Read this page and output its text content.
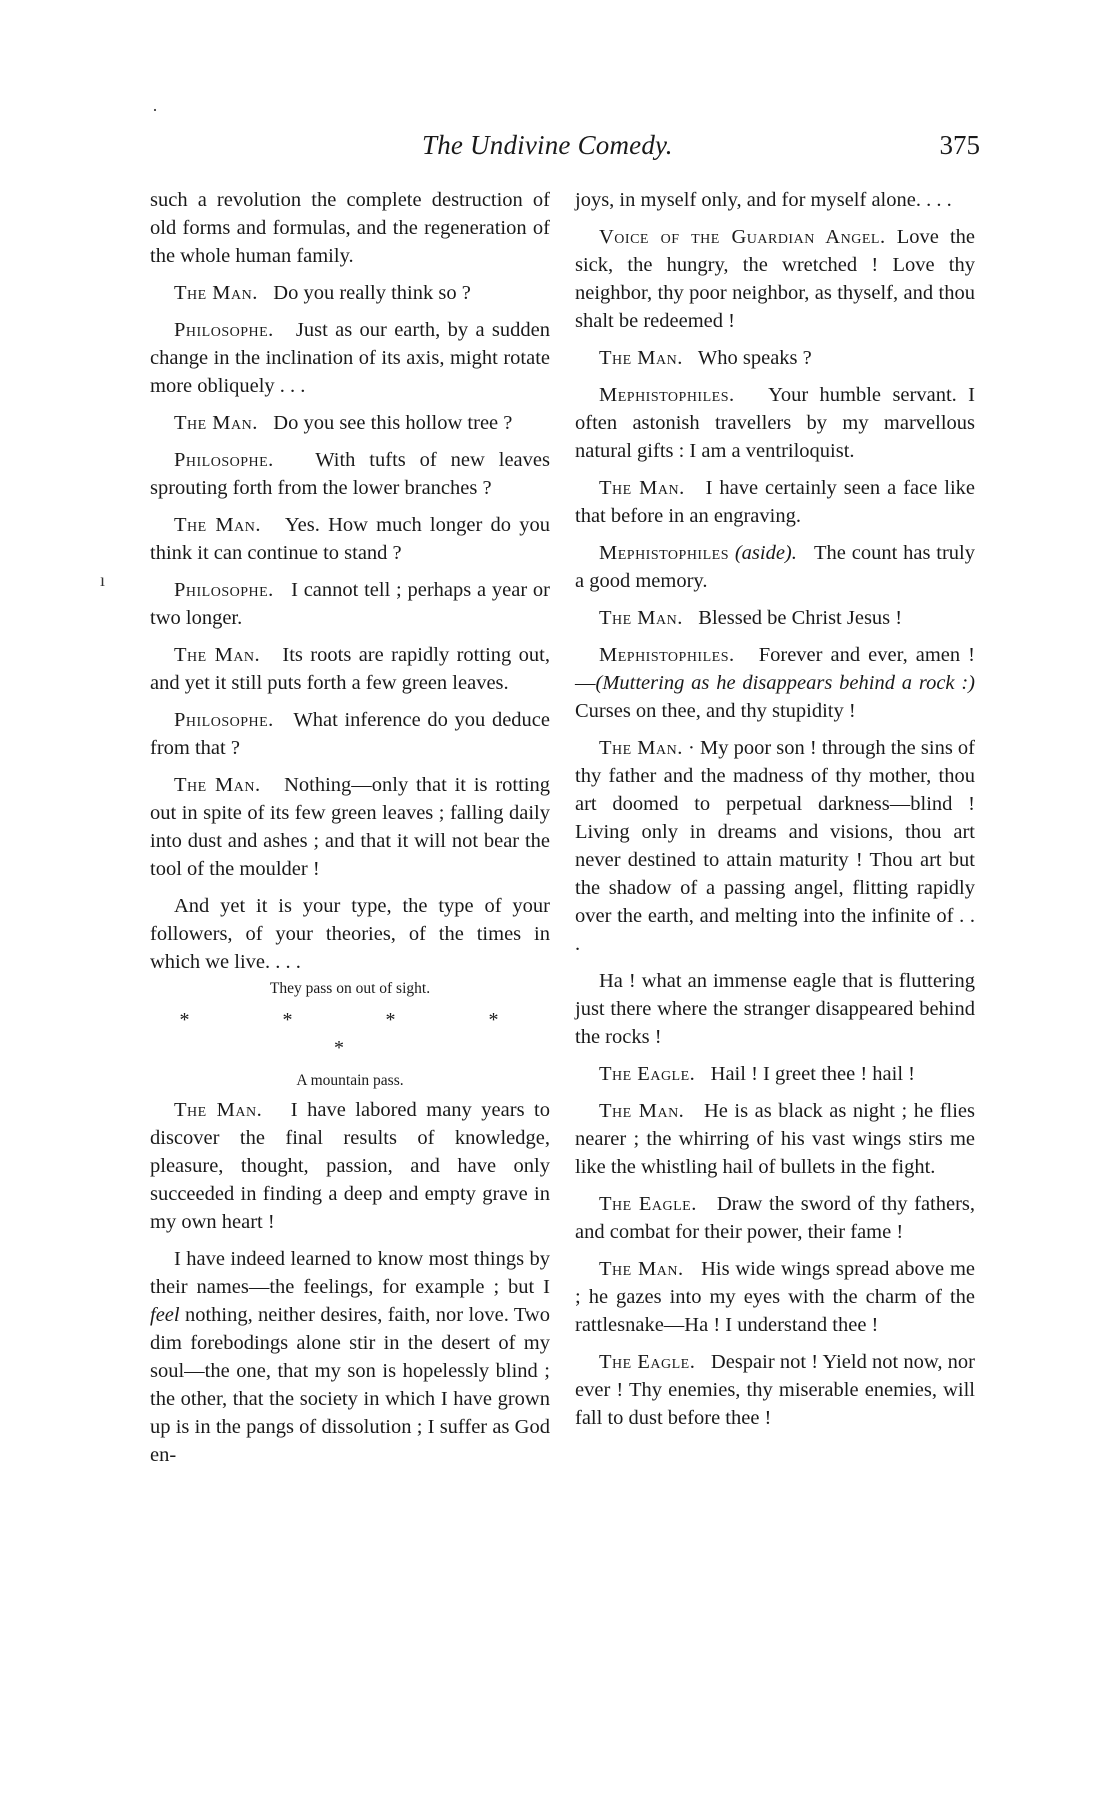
The Undivine Comedy.	375
·
ı

such a revolution the complete destruction of old forms and formulas, and the regeneration of the whole human family.

The Man. Do you really think so ?

Philosophe. Just as our earth, by a sudden change in the inclination of its axis, might rotate more obliquely . . .

The Man. Do you see this hollow tree ?

Philosophe. With tufts of new leaves sprouting forth from the lower branches ?

The Man. Yes. How much longer do you think it can continue to stand ?

Philosophe. I cannot tell ; perhaps a year or two longer.

The Man. Its roots are rapidly rotting out, and yet it still puts forth a few green leaves.

Philosophe. What inference do you deduce from that ?

The Man. Nothing—only that it is rotting out in spite of its few green leaves ; falling daily into dust and ashes ; and that it will not bear the tool of the moulder !

And yet it is your type, the type of your followers, of your theories, of the times in which we live. . . .

They pass on out of sight.
* * * * *
A mountain pass.

The Man. I have labored many years to discover the final results of knowledge, pleasure, thought, passion, and have only succeeded in finding a deep and empty grave in my own heart !

I have indeed learned to know most things by their names—the feelings, for example ; but I feel nothing, neither desires, faith, nor love. Two dim forebodings alone stir in the desert of my soul—the one, that my son is hopelessly blind ; the other, that the society in which I have grown up is in the pangs of dissolution ; I suffer as God en-

joys, in myself only, and for myself alone. . . .

Voice of the Guardian Angel. Love the sick, the hungry, the wretched ! Love thy neighbor, thy poor neighbor, as thyself, and thou shalt be redeemed !

The Man. Who speaks ?

Mephistophiles. Your humble servant. I often astonish travellers by my marvellous natural gifts : I am a ventriloquist.

The Man. I have certainly seen a face like that before in an engraving.

Mephistophiles (aside). The count has truly a good memory.

The Man. Blessed be Christ Jesus !

Mephistophiles. Forever and ever, amen !—(Muttering as he disappears behind a rock :) Curses on thee, and thy stupidity !

The Man. · My poor son ! through the sins of thy father and the madness of thy mother, thou art doomed to perpetual darkness—blind ! Living only in dreams and visions, thou art never destined to attain maturity ! Thou art but the shadow of a passing angel, flitting rapidly over the earth, and melting into the infinite of . . .

Ha ! what an immense eagle that is fluttering just there where the stranger disappeared behind the rocks !

The Eagle. Hail ! I greet thee ! hail !

The Man. He is as black as night ; he flies nearer ; the whirring of his vast wings stirs me like the whistling hail of bullets in the fight.

The Eagle. Draw the sword of thy fathers, and combat for their power, their fame !

The Man. His wide wings spread above me ; he gazes into my eyes with the charm of the rattlesnake—Ha ! I understand thee !

The Eagle. Despair not ! Yield not now, nor ever ! Thy enemies, thy miserable enemies, will fall to dust before thee !
